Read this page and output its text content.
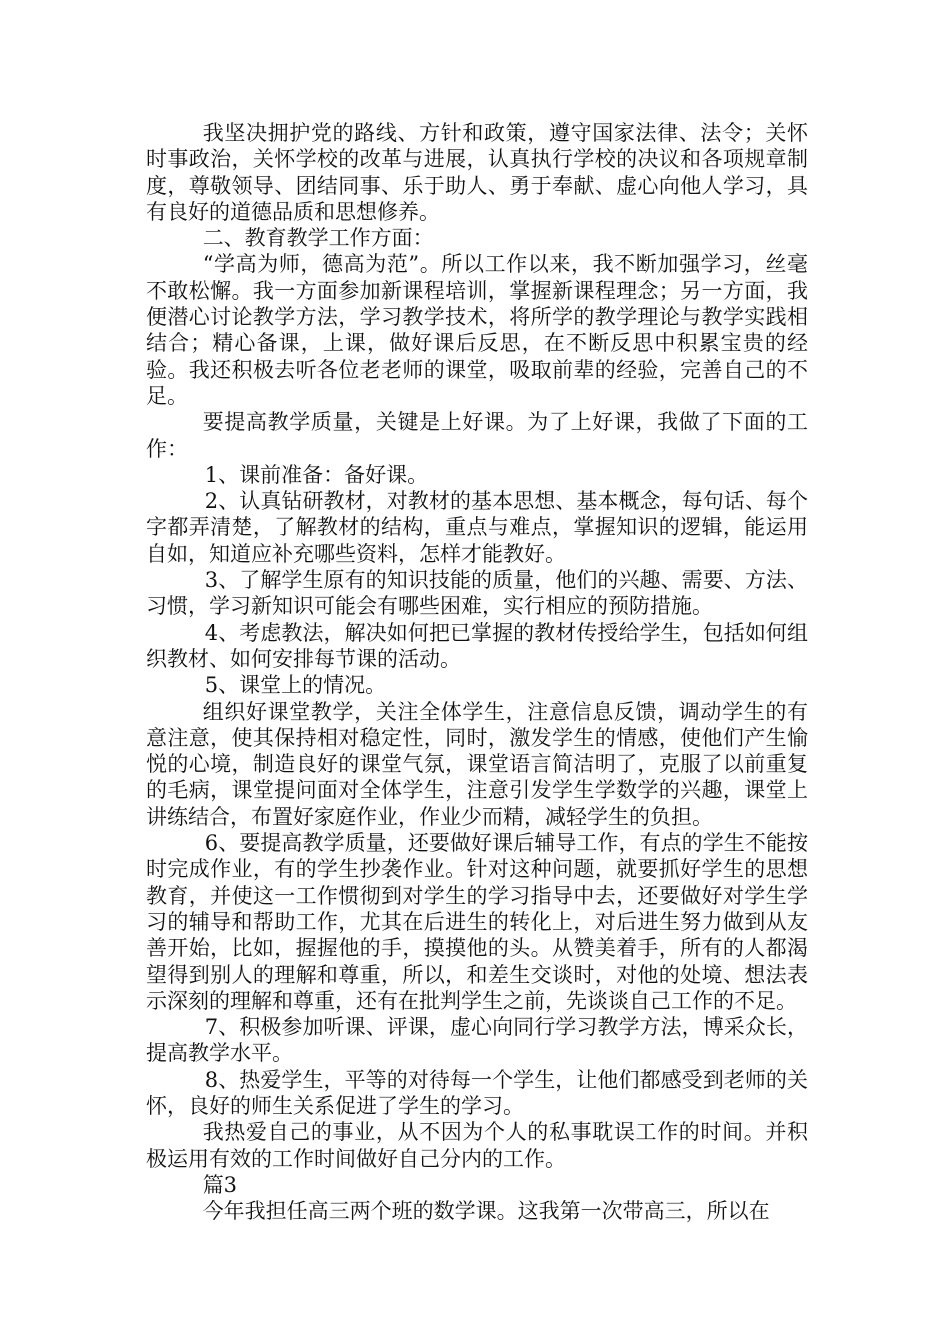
我坚决拥护党的路线、方针和政策，遵守国家法律、法令；关怀时事政治，关怀学校的改革与进展，认真执行学校的决议和各项规章制度，尊敬领导、团结同事、乐于助人、勇于奉献、虚心向他人学习，具有良好的道德品质和思想修养。

二、教育教学工作方面：

“学高为师，德高为范”。所以工作以来，我不断加强学习，丝毫不敢松懈。我一方面参加新课程培训，掌握新课程理念；另一方面，我便潜心讨论教学方法，学习教学技术，将所学的教学理论与教学实践相结合；精心备课，上课，做好课后反思，在不断反思中积累宝贵的经验。我还积极去听各位老老师的课堂，吸取前辈的经验，完善自己的不足。

要提高教学质量，关键是上好课。为了上好课，我做了下面的工作：

1、课前准备：备好课。

2、认真钻研教材，对教材的基本思想、基本概念，每句话、每个字都弄清楚，了解教材的结构，重点与难点，掌握知识的逻辑，能运用自如，知道应补充哪些资料，怎样才能教好。

3、了解学生原有的知识技能的质量，他们的兴趣、需要、方法、习惯，学习新知识可能会有哪些困难，实行相应的预防措施。

4、考虑教法，解决如何把已掌握的教材传授给学生，包括如何组织教材、如何安排每节课的活动。

5、课堂上的情况。

组织好课堂教学，关注全体学生，注意信息反馈，调动学生的有意注意，使其保持相对稳定性，同时，激发学生的情感，使他们产生愉悦的心境，制造良好的课堂气氛，课堂语言简洁明了，克服了以前重复的毛病，课堂提问面对全体学生，注意引发学生学数学的兴趣，课堂上讲练结合，布置好家庭作业，作业少而精，减轻学生的负担。

6、要提高教学质量，还要做好课后辅导工作，有点的学生不能按时完成作业，有的学生抄袭作业。针对这种问题，就要抓好学生的思想教育，并使这一工作惯彻到对学生的学习指导中去，还要做好对学生学习的辅导和帮助工作，尤其在后进生的转化上，对后进生努力做到从友善开始，比如，握握他的手，摸摸他的头。从赞美着手，所有的人都渴望得到别人的理解和尊重，所以，和差生交谈时，对他的处境、想法表示深刻的理解和尊重，还有在批判学生之前，先谈谈自己工作的不足。

7、积极参加听课、评课，虚心向同行学习教学方法，博采众长，提高教学水平。

8、热爱学生，平等的对待每一个学生，让他们都感受到老师的关怀，良好的师生关系促进了学生的学习。

我热爱自己的事业，从不因为个人的私事耽误工作的时间。并积极运用有效的工作时间做好自己分内的工作。

篇3

今年我担任高三两个班的数学课。这我第一次带高三，所以在
